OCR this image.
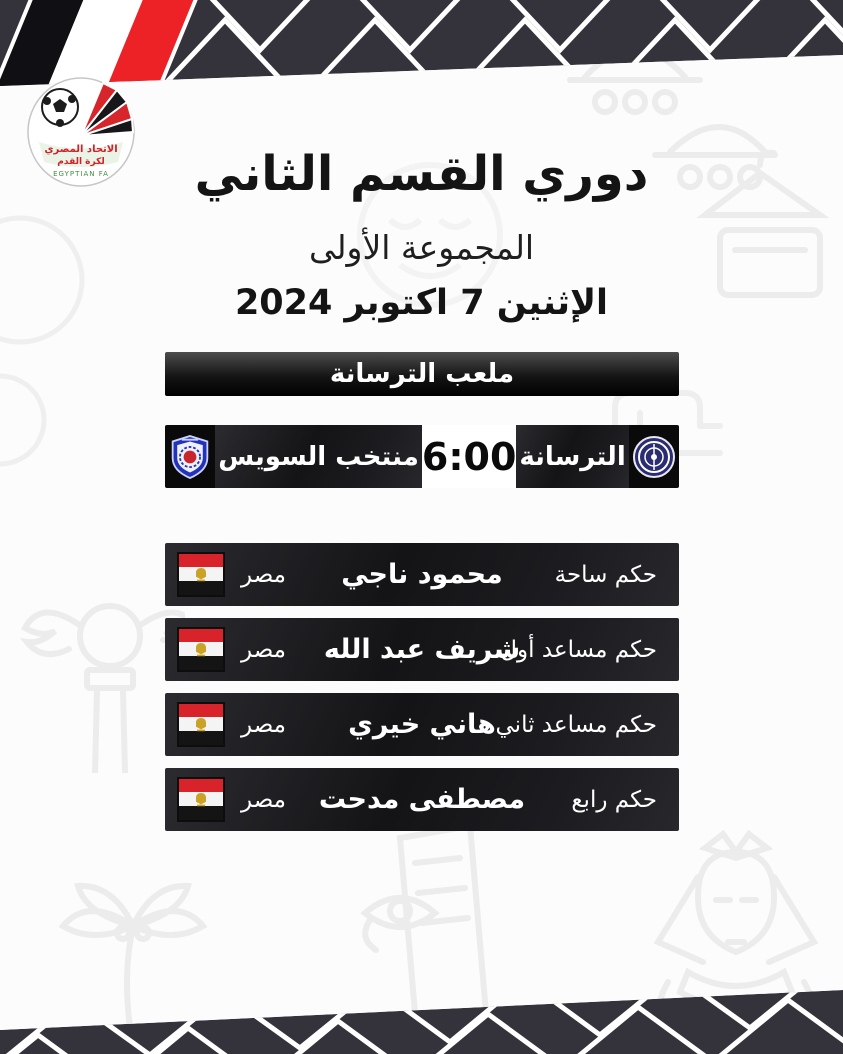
الاتحاد المصري
لكرة القدم
EGYPTIAN FA	دوري القسم الثاني
المجموعة الأولى
الإثنين 7 اكتوبر 2024
ملعب الترسانة
منتخب السويس 6:00 الترسانة
حكم ساحة
محمود ناجي
مصر
حكم مساعد أول
شريف عبد الله
مصر
حكم مساعد ثاني
هاني خيري
مصر
حكم رابع
مصطفى مدحت
مصر
